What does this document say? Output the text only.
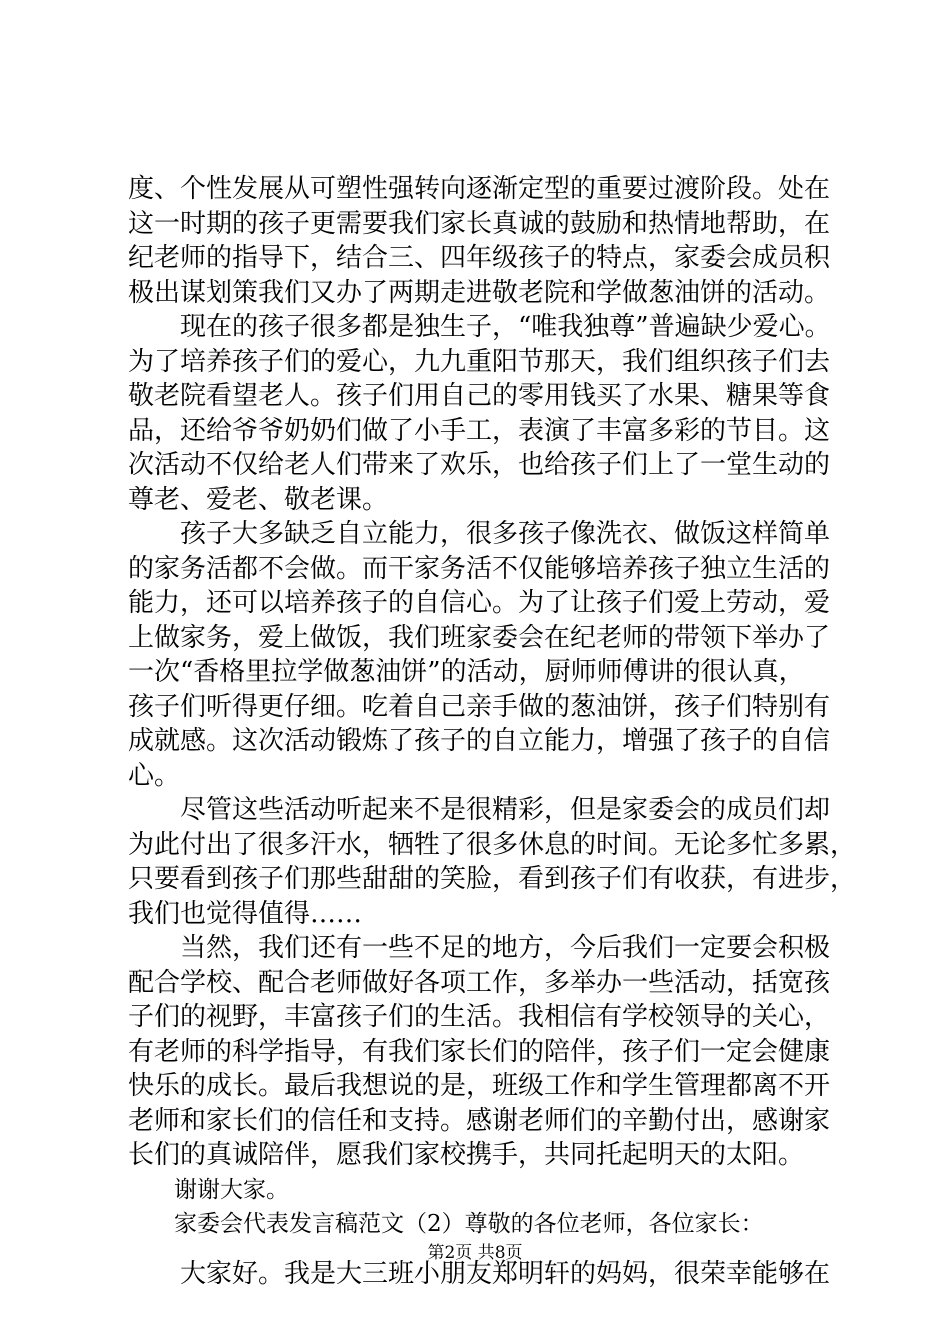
度、个性发展从可塑性强转向逐渐定型的重要过渡阶段。处在
这一时期的孩子更需要我们家长真诚的鼓励和热情地帮助，在
纪老师的指导下，结合三、四年级孩子的特点，家委会成员积
极出谋划策我们又办了两期走进敬老院和学做葱油饼的活动。
　　现在的孩子很多都是独生子，“唯我独尊”普遍缺少爱心。
为了培养孩子们的爱心，九九重阳节那天，我们组织孩子们去
敬老院看望老人。孩子们用自己的零用钱买了水果、糖果等食
品，还给爷爷奶奶们做了小手工，表演了丰富多彩的节目。这
次活动不仅给老人们带来了欢乐，也给孩子们上了一堂生动的
尊老、爱老、敬老课。
　　孩子大多缺乏自立能力，很多孩子像洗衣、做饭这样简单
的家务活都不会做。而干家务活不仅能够培养孩子独立生活的
能力，还可以培养孩子的自信心。为了让孩子们爱上劳动，爱
上做家务，爱上做饭，我们班家委会在纪老师的带领下举办了
一次“香格里拉学做葱油饼”的活动，厨师师傅讲的很认真，
孩子们听得更仔细。吃着自己亲手做的葱油饼，孩子们特别有
成就感。这次活动锻炼了孩子的自立能力，增强了孩子的自信
心。
　　尽管这些活动听起来不是很精彩，但是家委会的成员们却
为此付出了很多汗水，牺牲了很多休息的时间。无论多忙多累，
只要看到孩子们那些甜甜的笑脸，看到孩子们有收获，有进步，
我们也觉得值得……
　　当然，我们还有一些不足的地方，今后我们一定要会积极
配合学校、配合老师做好各项工作，多举办一些活动，括宽孩
子们的视野，丰富孩子们的生活。我相信有学校领导的关心，
有老师的科学指导，有我们家长们的陪伴，孩子们一定会健康
快乐的成长。最后我想说的是，班级工作和学生管理都离不开
老师和家长们的信任和支持。感谢老师们的辛勤付出，感谢家
长们的真诚陪伴，愿我们家校携手，共同托起明天的太阳。
　　谢谢大家。
　　家委会代表发言稿范文（2）尊敬的各位老师，各位家长：
　　大家好。我是大三班小朋友郑明轩的妈妈，很荣幸能够在
第2页 共8页
